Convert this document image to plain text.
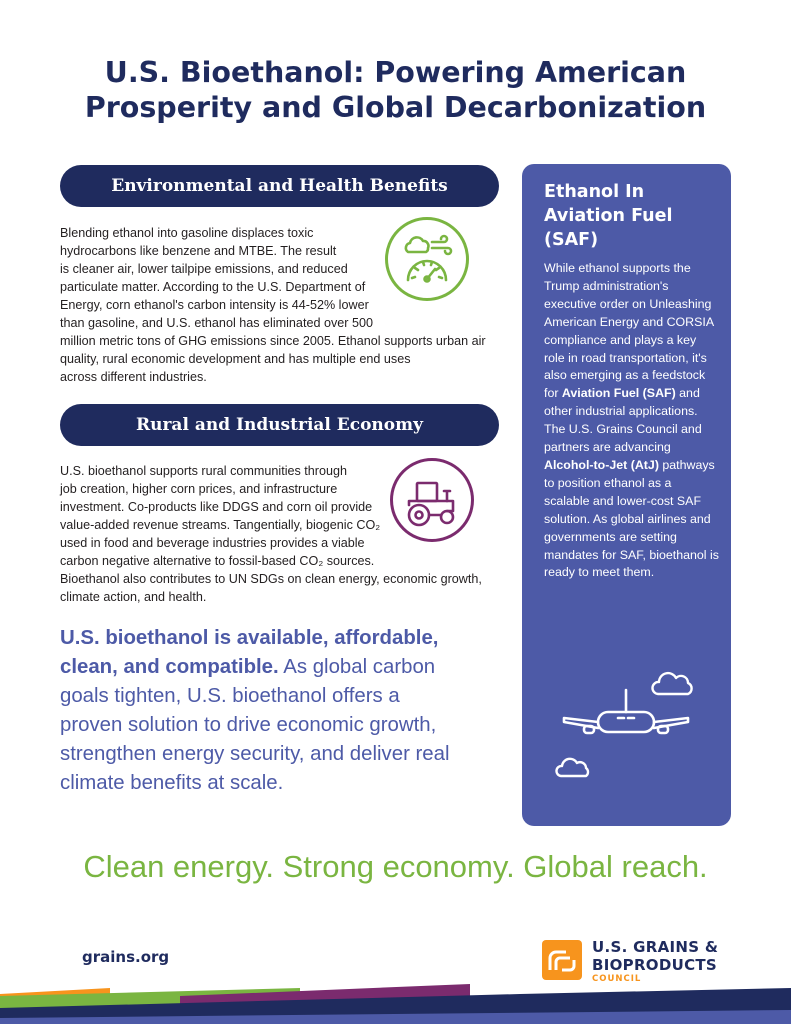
U.S. Bioethanol: Powering American
Prosperity and Global Decarbonization
Environmental and Health Benefits

Blending ethanol into gasoline displaces toxic
hydrocarbons like benzene and MTBE. The result
is cleaner air, lower tailpipe emissions, and reduced
particulate matter. According to the U.S. Department of
Energy, corn ethanol's carbon intensity is 44-52% lower
than gasoline, and U.S. ethanol has eliminated over 500
million metric tons of GHG emissions since 2005. Ethanol supports urban air
quality, rural economic development and has multiple end uses
across different industries.

Rural and Industrial Economy

U.S. bioethanol supports rural communities through
job creation, higher corn prices, and infrastructure
investment. Co-products like DDGS and corn oil provide
value-added revenue streams. Tangentially, biogenic CO₂
used in food and beverage industries provides a viable
carbon negative alternative to fossil-based CO₂ sources.
Bioethanol also contributes to UN SDGs on clean energy, economic growth,
climate action, and health.

U.S. bioethanol is available, affordable,
clean, and compatible. As global carbon
goals tighten, U.S. bioethanol offers a
proven solution to drive economic growth,
strengthen energy security, and deliver real
climate benefits at scale.

Ethanol In
Aviation Fuel
(SAF)

While ethanol supports the Trump administration's executive order on Unleashing American Energy and CORSIA compliance and plays a key role in road transportation, it's also emerging as a feedstock for Aviation Fuel (SAF) and other industrial applications. The U.S. Grains Council and partners are advancing Alcohol-to-Jet (AtJ) pathways to position ethanol as a scalable and lower-cost SAF solution. As global airlines and governments are setting mandates for SAF, bioethanol is ready to meet them.

Clean energy. Strong economy. Global reach.

grains.org

U.S. GRAINS &

BIOPRODUCTS

COUNCIL
